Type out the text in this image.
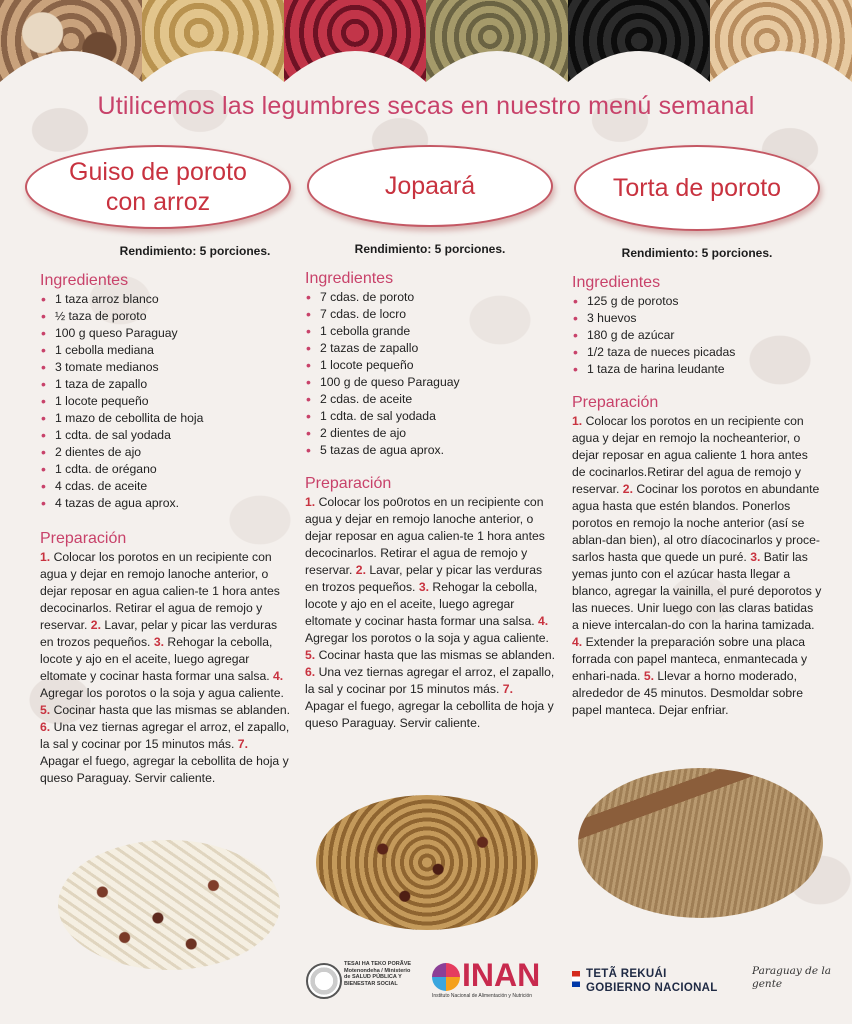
Utilicemos las legumbres secas en nuestro menú semanal
Guiso de poroto con arroz
Rendimiento: 5 porciones.
Ingredientes
• 1 taza arroz blanco
• ½ taza de poroto
• 100 g queso Paraguay
• 1 cebolla mediana
• 3 tomate medianos
• 1 taza de zapallo
• 1 locote pequeño
• 1 mazo de cebollita de hoja
• 1 cdta. de sal yodada
• 2 dientes de ajo
• 1 cdta. de orégano
• 4 cdas. de aceite
• 4 tazas de agua aprox.
Preparación

1. Colocar los porotos en un recipiente con agua y dejar en remojo lanoche anterior, o dejar reposar en agua calien-te 1 hora antes decocinarlos. Retirar el agua de remojo y reservar. 2. Lavar, pelar y picar las verduras en trozos pequeños. 3. Rehogar la cebolla, locote y ajo en el aceite, luego agregar eltomate y cocinar hasta formar una salsa. 4. Agregar los porotos o la soja y agua caliente. 5. Cocinar hasta que las mismas se ablanden. 6. Una vez tiernas agregar el arroz, el zapallo, la sal y cocinar por 15 minutos más. 7. Apagar el fuego, agregar la cebollita de hoja y queso Paraguay. Servir caliente.

Jopaará
Rendimiento: 5 porciones.
Ingredientes
• 7 cdas. de poroto
• 7 cdas. de locro
• 1 cebolla grande
• 2 tazas de zapallo
• 1 locote pequeño
• 100 g de queso Paraguay
• 2 cdas. de aceite
• 1 cdta. de sal yodada
• 2 dientes de ajo
• 5 tazas de agua aprox.
Preparación

1. Colocar los po0rotos en un recipiente con agua y dejar en remojo lanoche anterior, o dejar reposar en agua calien-te 1 hora antes decocinarlos. Retirar el agua de remojo y reservar. 2. Lavar, pelar y picar las verduras en trozos pequeños. 3. Rehogar la cebolla, locote y ajo en el aceite, luego agregar eltomate y cocinar hasta formar una salsa. 4. Agregar los porotos o la soja y agua caliente. 5. Cocinar hasta que las mismas se ablanden. 6. Una vez tiernas agregar el arroz, el zapallo, la sal y cocinar por 15 minutos más. 7. Apagar el fuego, agregar la cebollita de hoja y queso Paraguay. Servir caliente.

Torta de poroto
Rendimiento: 5 porciones.
Ingredientes
• 125 g de porotos
• 3 huevos
• 180 g de azúcar
• 1/2 taza de nueces picadas
• 1 taza de harina leudante
Preparación

1. Colocar los porotos en un recipiente con agua y dejar en remojo la nocheanterior, o dejar reposar en agua caliente 1 hora antes de cocinarlos.Retirar del agua de remojo y reservar. 2. Cocinar los porotos en abundante agua hasta que estén blandos. Ponerlos porotos en remojo la noche anterior (así se ablan-dan bien), al otro díacocinarlos y proce-sarlos hasta que quede un puré. 3. Batir las yemas junto con el azúcar hasta llegar a blanco, agregar la vainilla, el puré deporotos y las nueces. Unir luego con las claras batidas a nieve intercalan-do con la harina tamizada. 4. Extender la preparación sobre una placa forrada con papel manteca, enmantecada y enhari-nada. 5. Llevar a horno moderado, alrededor de 45 minutos. Desmoldar sobre papel manteca. Dejar enfriar.

TESAI HA TEKO PORÃVE Motenondeha / Ministerio de SALUD PÚBLICA Y BIENESTAR SOCIAL	INAN
Instituto Nacional de Alimentación y Nutrición
TETÃ REKUÁI
GOBIERNO NACIONAL
Paraguay de la gente
